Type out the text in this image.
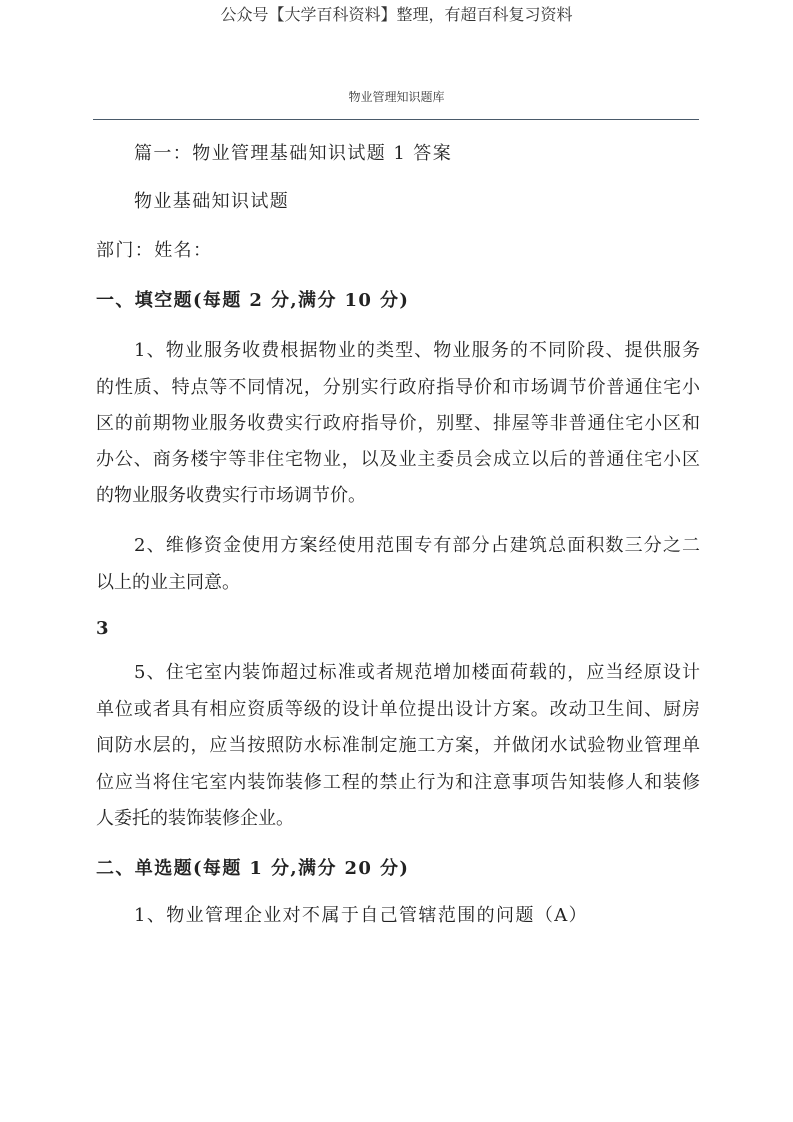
公众号【大学百科资料】整理，有超百科复习资料
物业管理知识题库
篇一：物业管理基础知识试题 1 答案
物业基础知识试题
部门：姓名：
一、填空题(每题 2 分,满分 10 分)
1、物业服务收费根据物业的类型、物业服务的不同阶段、提供服务
的性质、特点等不同情况，分别实行政府指导价和市场调节价普通住宅小
区的前期物业服务收费实行政府指导价，别墅、排屋等非普通住宅小区和
办公、商务楼宇等非住宅物业，以及业主委员会成立以后的普通住宅小区
的物业服务收费实行市场调节价。
2、维修资金使用方案经使用范围专有部分占建筑总面积数三分之二
以上的业主同意。
3
5、住宅室内装饰超过标准或者规范增加楼面荷载的，应当经原设计
单位或者具有相应资质等级的设计单位提出设计方案。改动卫生间、厨房
间防水层的，应当按照防水标准制定施工方案，并做闭水试验物业管理单
位应当将住宅室内装饰装修工程的禁止行为和注意事项告知装修人和装修
人委托的装饰装修企业。
二、单选题(每题 1 分,满分 20 分)
1、物业管理企业对不属于自己管辖范围的问题（A）
